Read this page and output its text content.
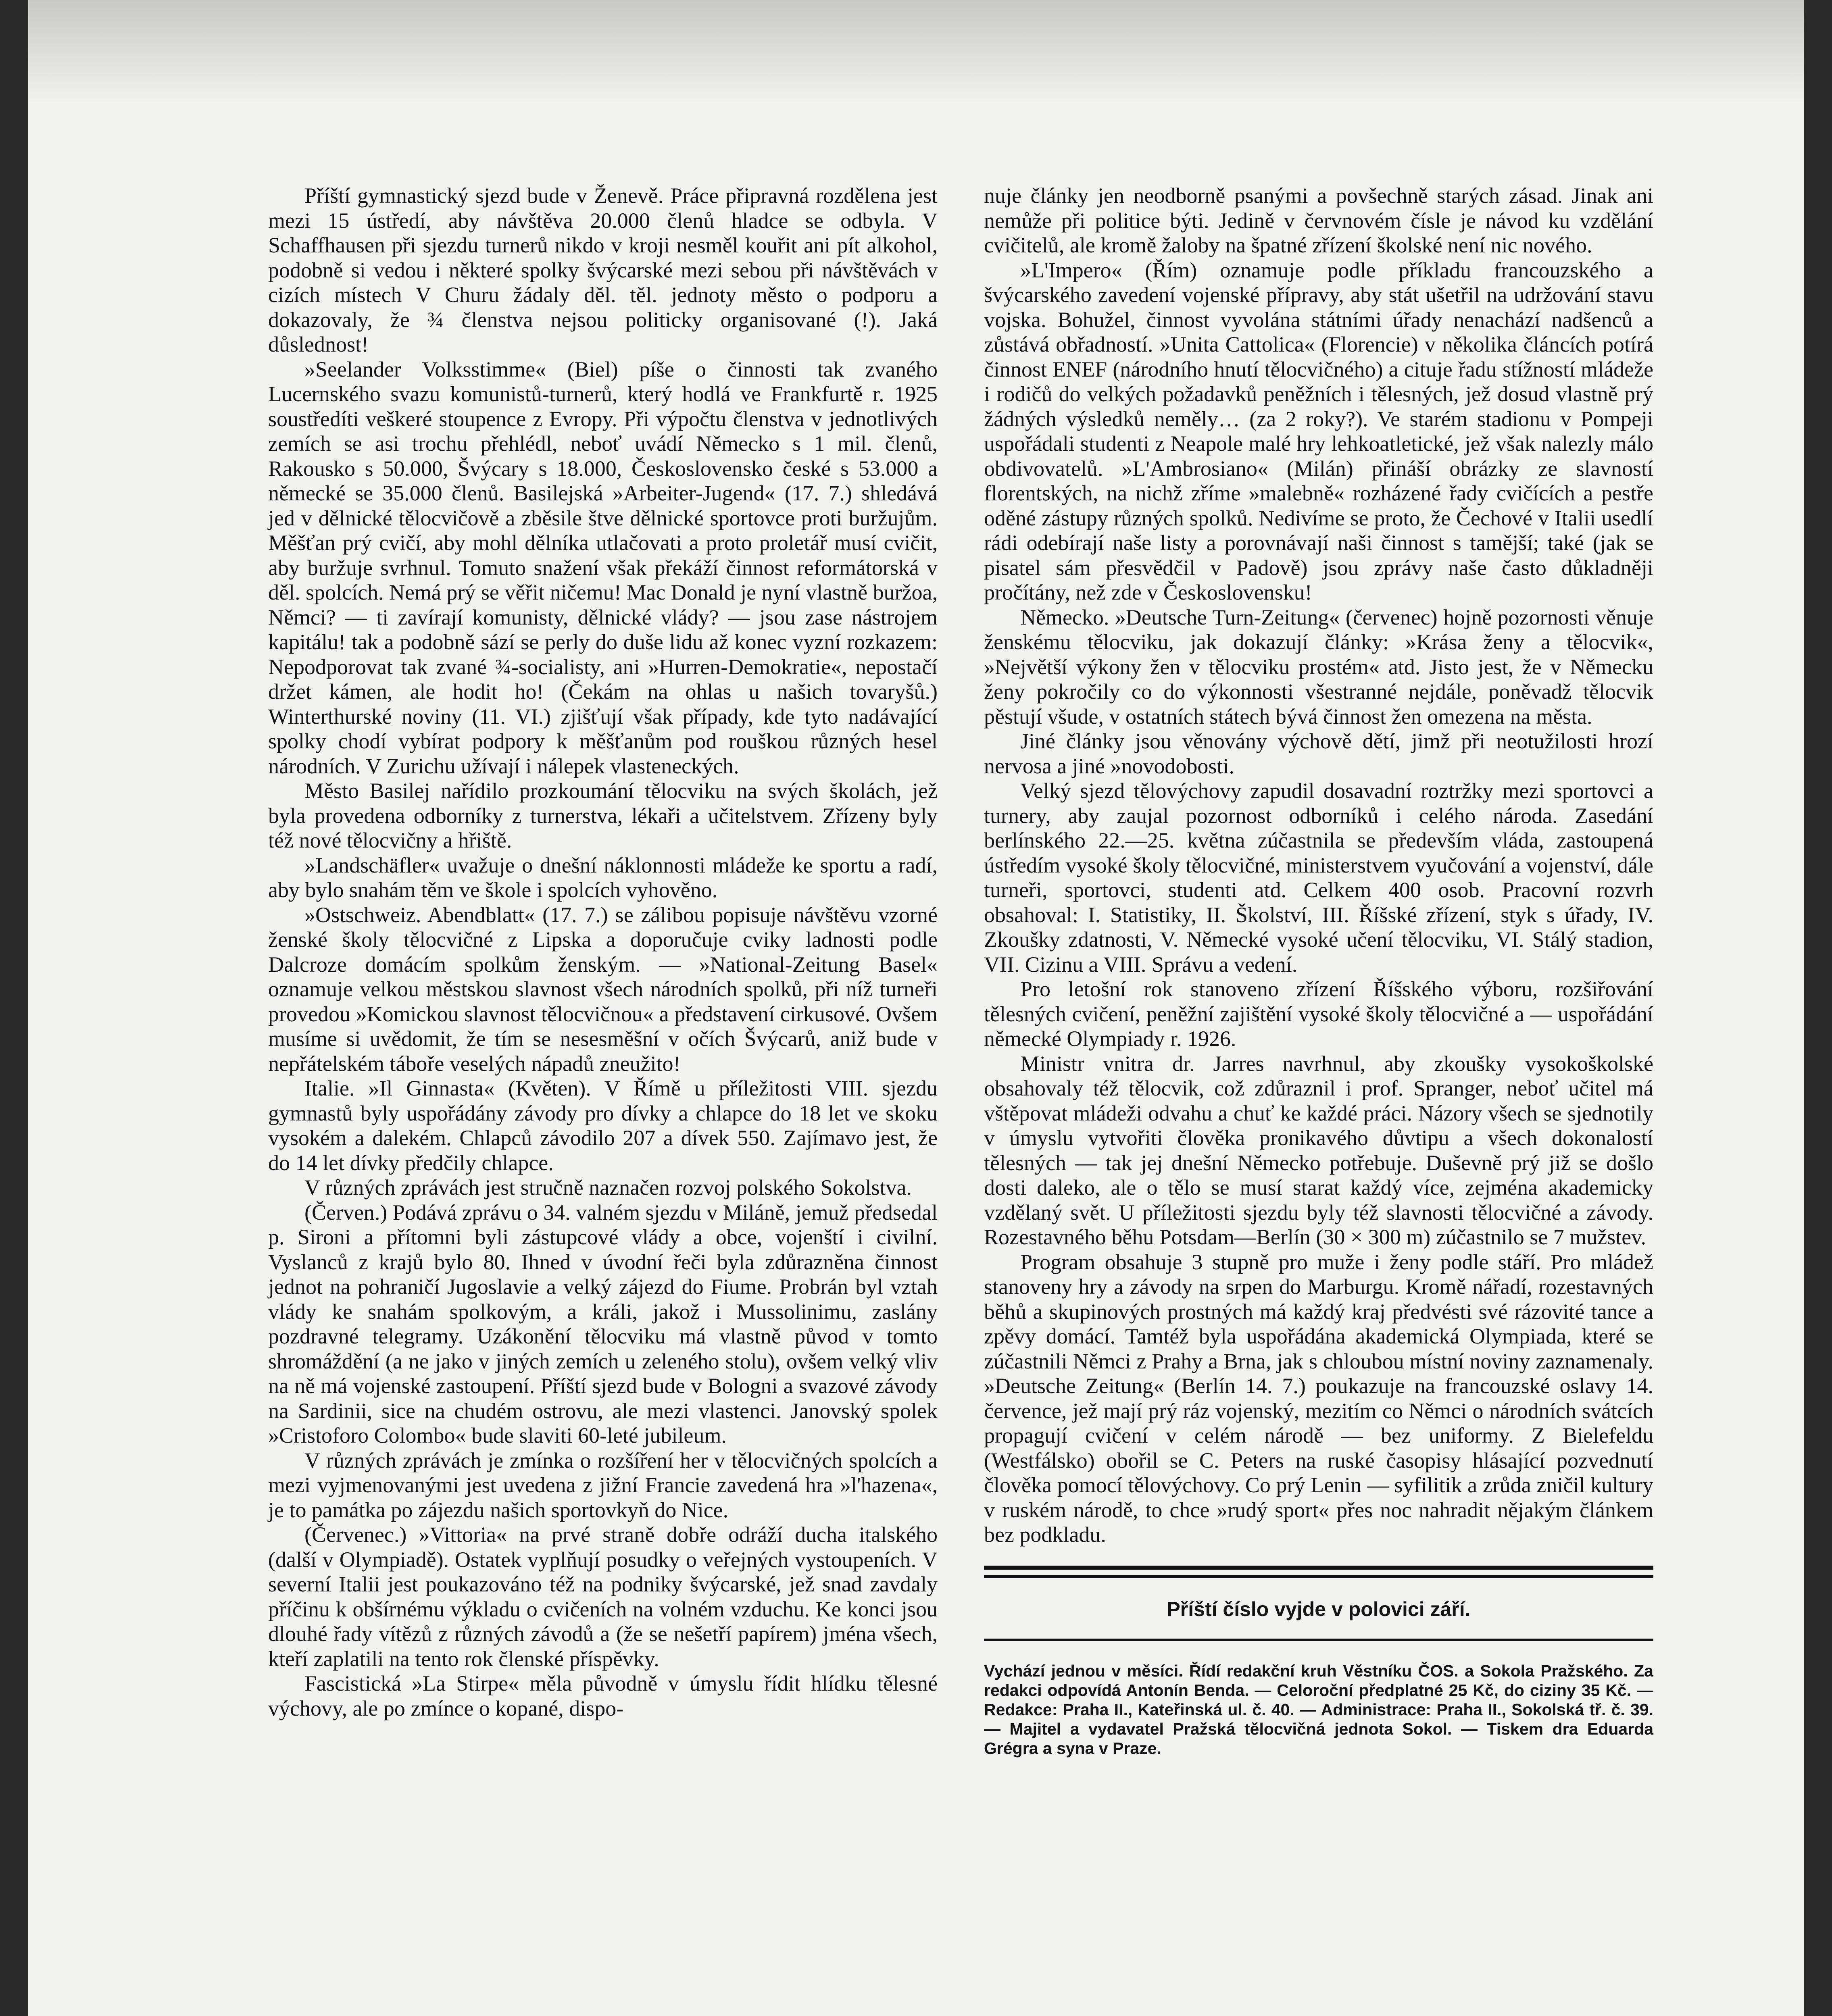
Příští gymnastický sjezd bude v Ženevě. Práce připravná rozdělena jest mezi 15 ústředí, aby návštěva 20.000 členů hladce se odbyla. V Schaffhausen při sjezdu turnerů nikdo v kroji nesměl kouřit ani pít alkohol, podobně si vedou i některé spolky švýcarské mezi sebou při návštěvách v cizích místech V Churu žádaly děl. těl. jednoty město o podporu a dokazovaly, že ¾ členstva nejsou politicky organisované (!). Jaká důslednost!

»Seelander Volksstimme« (Biel) píše o činnosti tak zvaného Lucernského svazu komunistů-turnerů, který hodlá ve Frankfurtě r. 1925 soustředíti veškeré stoupence z Evropy. Při výpočtu členstva v jednotlivých zemích se asi trochu přehlédl, neboť uvádí Německo s 1 mil. členů, Rakousko s 50.000, Švýcary s 18.000, Československo české s 53.000 a německé se 35.000 členů. Basilejská »Arbeiter-Jugend« (17. 7.) shledává jed v dělnické tělocvičově a zběsile štve dělnické sportovce proti buržujům. Měšťan prý cvičí, aby mohl dělníka utlačovati a proto proletář musí cvičit, aby buržuje svrhnul. Tomuto snažení však překáží činnost reformátorská v děl. spolcích. Nemá prý se věřit ničemu! Mac Donald je nyní vlastně buržoa, Němci? — ti zavírají komunisty, dělnické vlády? — jsou zase nástrojem kapitálu! tak a podobně sází se perly do duše lidu až konec vyzní rozkazem: Nepodporovat tak zvané ¾-socialisty, ani »Hurren-Demokratie«, nepostačí držet kámen, ale hodit ho! (Čekám na ohlas u našich tovaryšů.) Winterthurské noviny (11. VI.) zjišťují však případy, kde tyto nadávající spolky chodí vybírat podpory k měšťanům pod rouškou různých hesel národních. V Zurichu užívají i nálepek vlasteneckých.

Město Basilej nařídilo prozkoumání tělocviku na svých školách, jež byla provedena odborníky z turnerstva, lékaři a učitelstvem. Zřízeny byly též nové tělocvičny a hřiště.

»Landschäfler« uvažuje o dnešní náklonnosti mládeže ke sportu a radí, aby bylo snahám těm ve škole i spolcích vyhověno.

»Ostschweiz. Abendblatt« (17. 7.) se zálibou popisuje návštěvu vzorné ženské školy tělocvičné z Lipska a doporučuje cviky ladnosti podle Dalcroze domácím spolkům ženským. — »National-Zeitung Basel« oznamuje velkou městskou slavnost všech národních spolků, při níž turneři provedou »Komickou slavnost tělocvičnou« a představení cirkusové. Ovšem musíme si uvědomit, že tím se nesesměšní v očích Švýcarů, aniž bude v nepřátelském táboře veselých nápadů zneužito!

Italie. »Il Ginnasta« (Květen). V Římě u příležitosti VIII. sjezdu gymnastů byly uspořádány závody pro dívky a chlapce do 18 let ve skoku vysokém a dalekém. Chlapců závodilo 207 a dívek 550. Zajímavo jest, že do 14 let dívky předčily chlapce.

V různých zprávách jest stručně naznačen rozvoj polského Sokolstva.

(Červen.) Podává zprávu o 34. valném sjezdu v Miláně, jemuž předsedal p. Sironi a přítomni byli zástupcové vlády a obce, vojenští i civilní. Vyslanců z krajů bylo 80. Ihned v úvodní řeči byla zdůrazněna činnost jednot na pohraničí Jugoslavie a velký zájezd do Fiume. Probrán byl vztah vlády ke snahám spolkovým, a králi, jakož i Mussolinimu, zaslány pozdravné telegramy. Uzákonění tělocviku má vlastně původ v tomto shromáždění (a ne jako v jiných zemích u zeleného stolu), ovšem velký vliv na ně má vojenské zastoupení. Příští sjezd bude v Bologni a svazové závody na Sardinii, sice na chudém ostrovu, ale mezi vlastenci. Janovský spolek »Cristoforo Colombo« bude slaviti 60-leté jubileum.

V různých zprávách je zmínka o rozšíření her v tělocvičných spolcích a mezi vyjmenovanými jest uvedena z jižní Francie zavedená hra »l'hazena«, je to památka po zájezdu našich sportovkyň do Nice.

(Červenec.) »Vittoria« na prvé straně dobře odráží ducha italského (další v Olympiadě). Ostatek vyplňují posudky o veřejných vystoupeních. V severní Italii jest poukazováno též na podniky švýcarské, jež snad zavdaly příčinu k obšírnému výkladu o cvičeních na volném vzduchu. Ke konci jsou dlouhé řady vítězů z různých závodů a (že se nešetří papírem) jména všech, kteří zaplatili na tento rok členské příspěvky.

Fascistická »La Stirpe« měla původně v úmyslu řídit hlídku tělesné výchovy, ale po zmínce o kopané, dispo-

nuje články jen neodborně psanými a povšechně starých zásad. Jinak ani nemůže při politice býti. Jedině v červnovém čísle je návod ku vzdělání cvičitelů, ale kromě žaloby na špatné zřízení školské není nic nového.

»L'Impero« (Řím) oznamuje podle příkladu francouzského a švýcarského zavedení vojenské přípravy, aby stát ušetřil na udržování stavu vojska. Bohužel, činnost vyvolána státními úřady nenachází nadšenců a zůstává obřadností. »Unita Cattolica« (Florencie) v několika článcích potírá činnost ENEF (národního hnutí tělocvičného) a cituje řadu stížností mládeže i rodičů do velkých požadavků peněžních i tělesných, jež dosud vlastně prý žádných výsledků neměly… (za 2 roky?). Ve starém stadionu v Pompeji uspořádali studenti z Neapole malé hry lehkoatletické, jež však nalezly málo obdivovatelů. »L'Ambrosiano« (Milán) přináší obrázky ze slavností florentských, na nichž zříme »malebně« rozházené řady cvičících a pestře oděné zástupy různých spolků. Nedivíme se proto, že Čechové v Italii usedlí rádi odebírají naše listy a porovnávají naši činnost s tamější; také (jak se pisatel sám přesvědčil v Padově) jsou zprávy naše často důkladněji pročítány, než zde v Československu!

Německo. »Deutsche Turn-Zeitung« (červenec) hojně pozornosti věnuje ženskému tělocviku, jak dokazují články: »Krása ženy a tělocvik«, »Největší výkony žen v tělocviku prostém« atd. Jisto jest, že v Německu ženy pokročily co do výkonnosti všestranné nejdále, poněvadž tělocvik pěstují všude, v ostatních státech bývá činnost žen omezena na města.

Jiné články jsou věnovány výchově dětí, jimž při neotužilosti hrozí nervosa a jiné »novodobosti.

Velký sjezd tělovýchovy zapudil dosavadní roztržky mezi sportovci a turnery, aby zaujal pozornost odborníků i celého národa. Zasedání berlínského 22.—25. května zúčastnila se především vláda, zastoupená ústředím vysoké školy tělocvičné, ministerstvem vyučování a vojenství, dále turneři, sportovci, studenti atd. Celkem 400 osob. Pracovní rozvrh obsahoval: I. Statistiky, II. Školství, III. Říšské zřízení, styk s úřady, IV. Zkoušky zdatnosti, V. Německé vysoké učení tělocviku, VI. Stálý stadion, VII. Cizinu a VIII. Správu a vedení.

Pro letošní rok stanoveno zřízení Říšského výboru, rozšiřování tělesných cvičení, peněžní zajištění vysoké školy tělocvičné a — uspořádání německé Olympiady r. 1926.

Ministr vnitra dr. Jarres navrhnul, aby zkoušky vysokoškolské obsahovaly též tělocvik, což zdůraznil i prof. Spranger, neboť učitel má vštěpovat mládeži odvahu a chuť ke každé práci. Názory všech se sjednotily v úmyslu vytvořiti člověka pronikavého důvtipu a všech dokonalostí tělesných — tak jej dnešní Německo potřebuje. Duševně prý již se došlo dosti daleko, ale o tělo se musí starat každý více, zejména akademicky vzdělaný svět. U příležitosti sjezdu byly též slavnosti tělocvičné a závody. Rozestavného běhu Potsdam—Berlín (30 × 300 m) zúčastnilo se 7 mužstev.

Program obsahuje 3 stupně pro muže i ženy podle stáří. Pro mládež stanoveny hry a závody na srpen do Marburgu. Kromě nářadí, rozestavných běhů a skupinových prostných má každý kraj předvésti své rázovité tance a zpěvy domácí. Tamtéž byla uspořádána akademická Olympiada, které se zúčastnili Němci z Prahy a Brna, jak s chloubou místní noviny zaznamenaly. »Deutsche Zeitung« (Berlín 14. 7.) poukazuje na francouzské oslavy 14. července, jež mají prý ráz vojenský, mezitím co Němci o národních svátcích propagují cvičení v celém národě — bez uniformy. Z Bielefeldu (Westfálsko) obořil se C. Peters na ruské časopisy hlásající pozvednutí člověka pomocí tělovýchovy. Co prý Lenin — syfilitik a zrůda zničil kultury v ruském národě, to chce »rudý sport« přes noc nahradit nějakým článkem bez podkladu.

Příští číslo vyjde v polovici září.

Vychází jednou v měsíci. Řídí redakční kruh Věstníku ČOS. a Sokola Pražského. Za redakci odpovídá Antonín Benda. — Celoroční předplatné 25 Kč, do ciziny 35 Kč. — Redakce: Praha II., Kateřinská ul. č. 40. — Administrace: Praha II., Sokolská tř. č. 39. — Majitel a vydavatel Pražská tělocvičná jednota Sokol. — Tiskem dra Eduarda Grégra a syna v Praze.
